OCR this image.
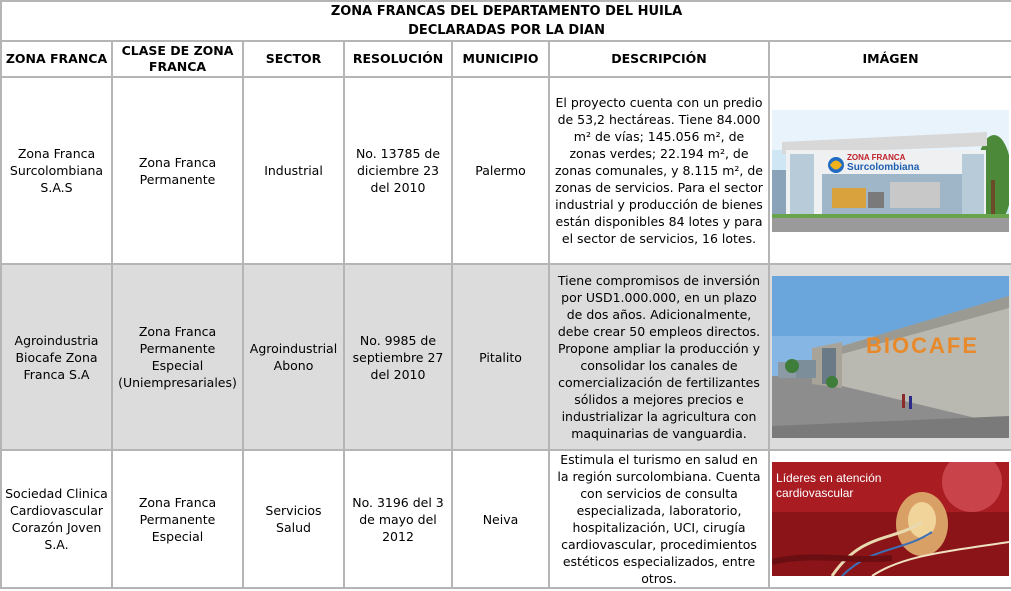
ZONA FRANCAS DEL DEPARTAMENTO DEL HUILA
DECLARADAS POR LA DIAN						

ZONA FRANCA	CLASE DE ZONA FRANCA	SECTOR	RESOLUCIÓN	MUNICIPIO	DESCRIPCIÓN	IMÁGEN
Zona Franca Surcolombiana S.A.S	Zona Franca Permanente	Industrial	No. 13785 de diciembre 23 del 2010	Palermo	El proyecto cuenta con un predio de 53,2 hectáreas. Tiene 84.000 m² de vías; 145.056 m², de zonas verdes; 22.194 m², de zonas comunales, y 8.115 m², de zonas de servicios. Para el sector industrial y producción de bienes están disponibles 84 lotes y para el sector de servicios, 16 lotes.	ZONA FRANCA
Surcolombiana

Agroindustria Biocafe Zona Franca S.A	Zona Franca Permanente Especial (Uniempresariales)	Agroindustrial Abono	No. 9985 de septiembre 27 del 2010	Pitalito	Tiene compromisos de inversión por USD1.000.000, en un plazo de dos años. Adicionalmente, debe crear 50 empleos directos. Propone ampliar la producción y consolidar los canales de comercialización de fertilizantes sólidos a mejores precios e industrializar la agricultura con maquinarias de vanguardia.	BIOCAFE

Sociedad Clinica Cardiovascular Corazón Joven S.A.	Zona Franca Permanente Especial	Servicios Salud	No. 3196 del 3 de mayo del 2012	Neiva	Estimula el turismo en salud en la región surcolombiana. Cuenta con servicios de consulta especializada, laboratorio, hospitalización, UCI, cirugía cardiovascular, procedimientos estéticos especializados, entre otros.	Líderes en atención
cardiovascular
